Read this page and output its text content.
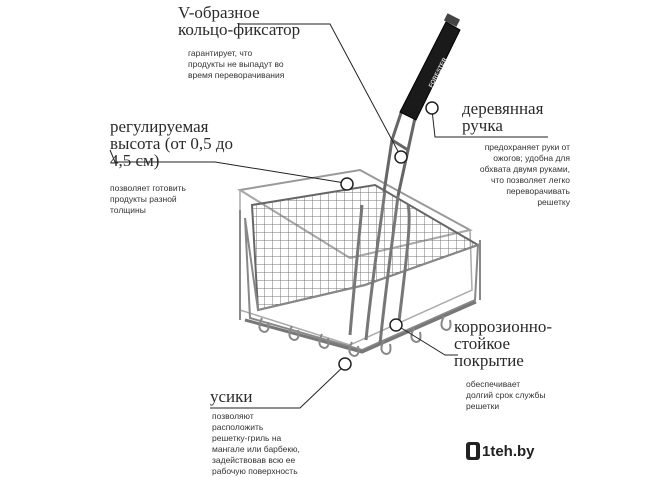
FORESTER

V-образное
кольцо-фиксатор

гарантирует, что
продукты не выпадут во
время переворачивания

регулируемая
высота (от 0,5 до
4,5 см)

позволяет готовить
продукты разной
толщины

деревянная
ручка

предохраняет руки от
ожогов; удобна для
обхвата двумя руками,
что позволяет легко
переворачивать
решетку

коррозионно-
стойкое
покрытие

обеспечивает
долгий срок службы
решетки

усики

позволяют
расположить
решетку-гриль на
мангале или барбекю,
задействовав всю ее
рабочую поверхность

1teh.by
